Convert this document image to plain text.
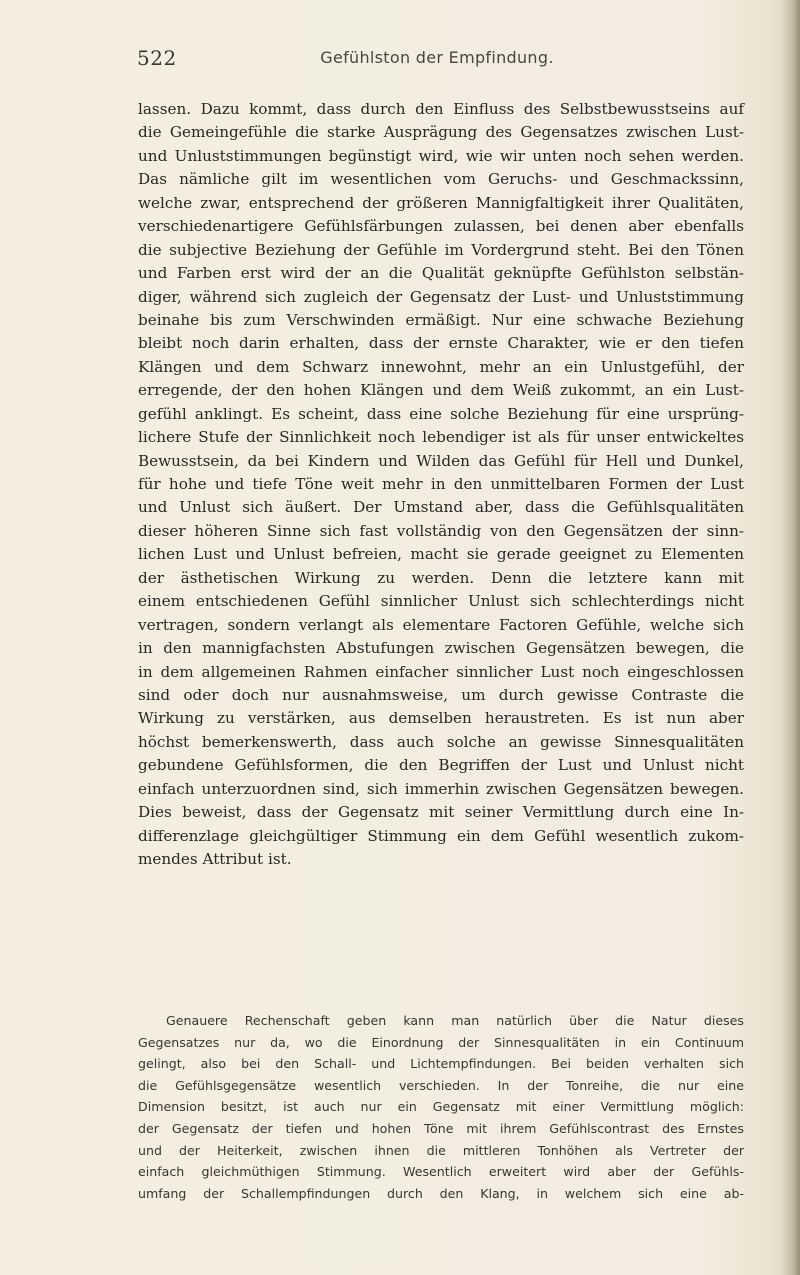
522	Gefühlston der Empfindung.
lassen. Dazu kommt, dass durch den Einfluss des Selbstbewusstseins auf
die Gemeingefühle die starke Ausprägung des Gegensatzes zwischen Lust-
und Unluststimmungen begünstigt wird, wie wir unten noch sehen werden.
Das nämliche gilt im wesentlichen vom Geruchs- und Geschmackssinn,
welche zwar, entsprechend der größeren Mannigfaltigkeit ihrer Qualitäten,
verschiedenartigere Gefühlsfärbungen zulassen, bei denen aber ebenfalls
die subjective Beziehung der Gefühle im Vordergrund steht. Bei den Tönen
und Farben erst wird der an die Qualität geknüpfte Gefühlston selbstän-
diger, während sich zugleich der Gegensatz der Lust- und Unluststimmung
beinahe bis zum Verschwinden ermäßigt. Nur eine schwache Beziehung
bleibt noch darin erhalten, dass der ernste Charakter, wie er den tiefen
Klängen und dem Schwarz innewohnt, mehr an ein Unlustgefühl, der
erregende, der den hohen Klängen und dem Weiß zukommt, an ein Lust-
gefühl anklingt. Es scheint, dass eine solche Beziehung für eine ursprüng-
lichere Stufe der Sinnlichkeit noch lebendiger ist als für unser entwickeltes
Bewusstsein, da bei Kindern und Wilden das Gefühl für Hell und Dunkel,
für hohe und tiefe Töne weit mehr in den unmittelbaren Formen der Lust
und Unlust sich äußert. Der Umstand aber, dass die Gefühlsqualitäten
dieser höheren Sinne sich fast vollständig von den Gegensätzen der sinn-
lichen Lust und Unlust befreien, macht sie gerade geeignet zu Elementen
der ästhetischen Wirkung zu werden. Denn die letztere kann mit
einem entschiedenen Gefühl sinnlicher Unlust sich schlechterdings nicht
vertragen, sondern verlangt als elementare Factoren Gefühle, welche sich
in den mannigfachsten Abstufungen zwischen Gegensätzen bewegen, die
in dem allgemeinen Rahmen einfacher sinnlicher Lust noch eingeschlossen
sind oder doch nur ausnahmsweise, um durch gewisse Contraste die
Wirkung zu verstärken, aus demselben heraustreten. Es ist nun aber
höchst bemerkenswerth, dass auch solche an gewisse Sinnesqualitäten
gebundene Gefühlsformen, die den Begriffen der Lust und Unlust nicht
einfach unterzuordnen sind, sich immerhin zwischen Gegensätzen bewegen.
Dies beweist, dass der Gegensatz mit seiner Vermittlung durch eine In-
differenzlage gleichgültiger Stimmung ein dem Gefühl wesentlich zukom-
mendes Attribut ist.
Genauere Rechenschaft geben kann man natürlich über die Natur dieses
Gegensatzes nur da, wo die Einordnung der Sinnesqualitäten in ein Continuum
gelingt, also bei den Schall- und Lichtempfindungen. Bei beiden verhalten sich
die Gefühlsgegensätze wesentlich verschieden. In der Tonreihe, die nur eine
Dimension besitzt, ist auch nur ein Gegensatz mit einer Vermittlung möglich:
der Gegensatz der tiefen und hohen Töne mit ihrem Gefühlscontrast des Ernstes
und der Heiterkeit, zwischen ihnen die mittleren Tonhöhen als Vertreter der
einfach gleichmüthigen Stimmung. Wesentlich erweitert wird aber der Gefühls-
umfang der Schallempfindungen durch den Klang, in welchem sich eine ab-
